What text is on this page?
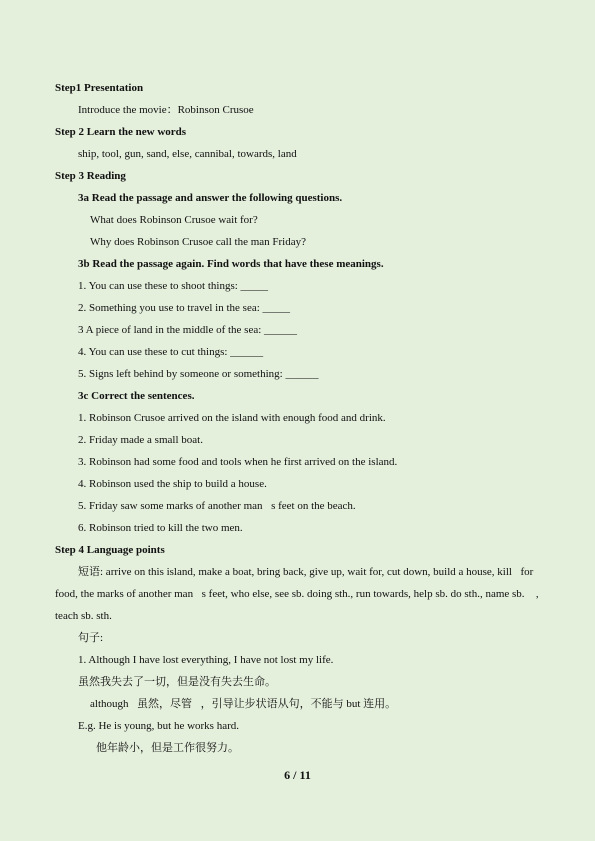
Step1 Presentation
Introduce the movie：Robinson Crusoe
Step 2 Learn the new words
ship, tool, gun, sand, else, cannibal, towards, land
Step 3 Reading
3a Read the passage and answer the following questions.
What does Robinson Crusoe wait for?
Why does Robinson Crusoe call the man Friday?
3b Read the passage again. Find words that have these meanings.
1. You can use these to shoot things: _____
2. Something you use to travel in the sea: _____
3 A piece of land in the middle of the sea: ______
4. You can use these to cut things: ______
5. Signs left behind by someone or something: ______
3c Correct the sentences.
1. Robinson Crusoe arrived on the island with enough food and drink.
2. Friday made a small boat.
3. Robinson had some food and tools when he first arrived on the island.
4. Robinson used the ship to build a house.
5. Friday saw some marks of another man s feet on the beach.
6. Robinson tried to kill the two men.
Step 4 Language points
短语: arrive on this island, make a boat, bring back, give up, wait for, cut down, build a house, kill for food, the marks of another man s feet, who else, see sb. doing sth., run towards, help sb. do sth., name sb.  , teach sb. sth.
句子:
1. Although I have lost everything, I have not lost my life.
虽然我失去了一切，但是没有失去生命。
although 虽然，尽管 ，引导让步状语从句，不能与 but 连用。
E.g. He is young, but he works hard.
他年龄小，但是工作很努力。
6 / 11
